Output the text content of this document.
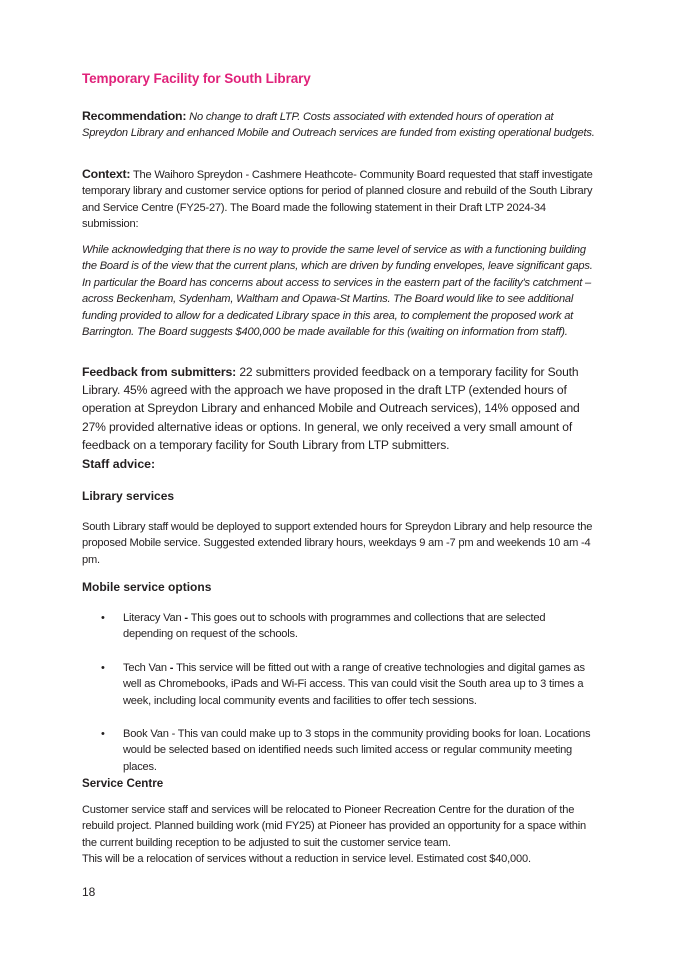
Temporary Facility for South Library
Recommendation: No change to draft LTP. Costs associated with extended hours of operation at Spreydon Library and enhanced Mobile and Outreach services are funded from existing operational budgets.
Context: The Waihoro Spreydon - Cashmere Heathcote- Community Board requested that staff investigate temporary library and customer service options for period of planned closure and rebuild of the South Library and Service Centre (FY25-27). The Board made the following statement in their Draft LTP 2024-34 submission:
While acknowledging that there is no way to provide the same level of service as with a functioning building the Board is of the view that the current plans, which are driven by funding envelopes, leave significant gaps. In particular the Board has concerns about access to services in the eastern part of the facility's catchment – across Beckenham, Sydenham, Waltham and Opawa-St Martins. The Board would like to see additional funding provided to allow for a dedicated Library space in this area, to complement the proposed work at Barrington. The Board suggests $400,000 be made available for this (waiting on information from staff).
Feedback from submitters: 22 submitters provided feedback on a temporary facility for South Library. 45% agreed with the approach we have proposed in the draft LTP (extended hours of operation at Spreydon Library and enhanced Mobile and Outreach services), 14% opposed and 27% provided alternative ideas or options. In general, we only received a very small amount of feedback on a temporary facility for South Library from LTP submitters.
Staff advice:
Library services
South Library staff would be deployed to support extended hours for Spreydon Library and help resource the proposed Mobile service. Suggested extended library hours, weekdays 9 am -7 pm and weekends 10 am -4 pm.
Mobile service options
• Literacy Van - This goes out to schools with programmes and collections that are selected depending on request of the schools.
• Tech Van - This service will be fitted out with a range of creative technologies and digital games as well as Chromebooks, iPads and Wi-Fi access. This van could visit the South area up to 3 times a week, including local community events and facilities to offer tech sessions.
• Book Van - This van could make up to 3 stops in the community providing books for loan. Locations would be selected based on identified needs such limited access or regular community meeting places.
Service Centre
Customer service staff and services will be relocated to Pioneer Recreation Centre for the duration of the rebuild project. Planned building work (mid FY25) at Pioneer has provided an opportunity for a space within the current building reception to be adjusted to suit the customer service team.
This will be a relocation of services without a reduction in service level. Estimated cost $40,000.
18
